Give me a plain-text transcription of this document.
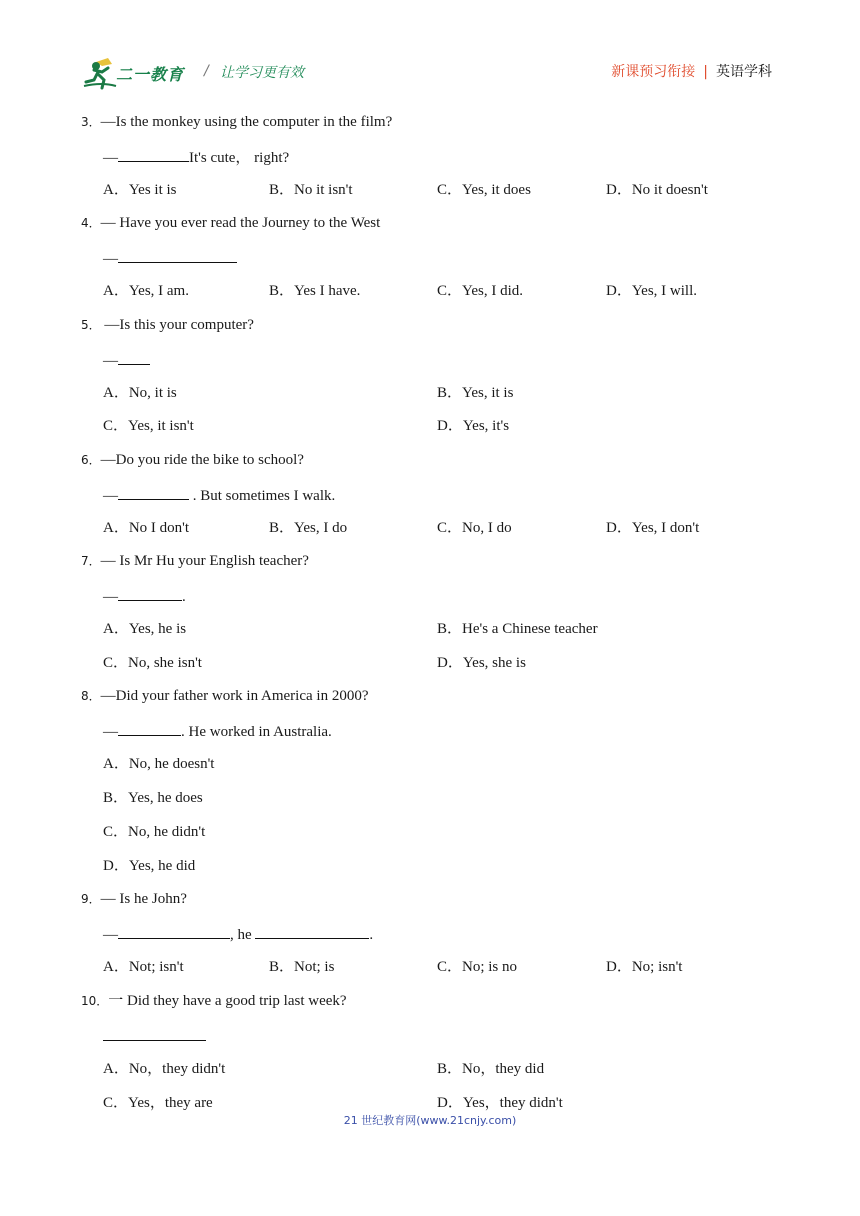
二一教育 / 让学习更有效	新课预习衔接 | 英语学科
3．—Is the monkey using the computer in the film?
—	It's cute， right?
A．Yes it is	B．No it isn't	C．Yes, it does	D．No it doesn't
4．— Have you ever read the Journey to the West
—
A．Yes, I am.	B．Yes I have.	C．Yes, I did.	D．Yes, I will.
5． —Is this your computer?
—
A．No, it is	B．Yes, it is
C．Yes, it isn't	D．Yes, it's
6．—Do you ride the bike to school?
—	. But sometimes I walk.
A．No I don't	B．Yes, I do	C．No, I do	D．Yes, I don't
7．— Is Mr Hu your English teacher?
—	.
A．Yes, he is	B．He's a Chinese teacher
C．No, she isn't	D．Yes, she is
8．—Did your father work in America in 2000?
—	. He worked in Australia.
A．No, he doesn't
B．Yes, he does
C．No, he didn't
D．Yes, he did
9．— Is he John?
—	, he	.
A．Not; isn't	B．Not; is	C．No; is no	D．No; isn't
10．一 Did they have a good trip last week?
A．No，they didn't	B．No，they did
C．Yes，they are	D．Yes，they didn't
21 世纪教育网(www.21cnjy.com)
